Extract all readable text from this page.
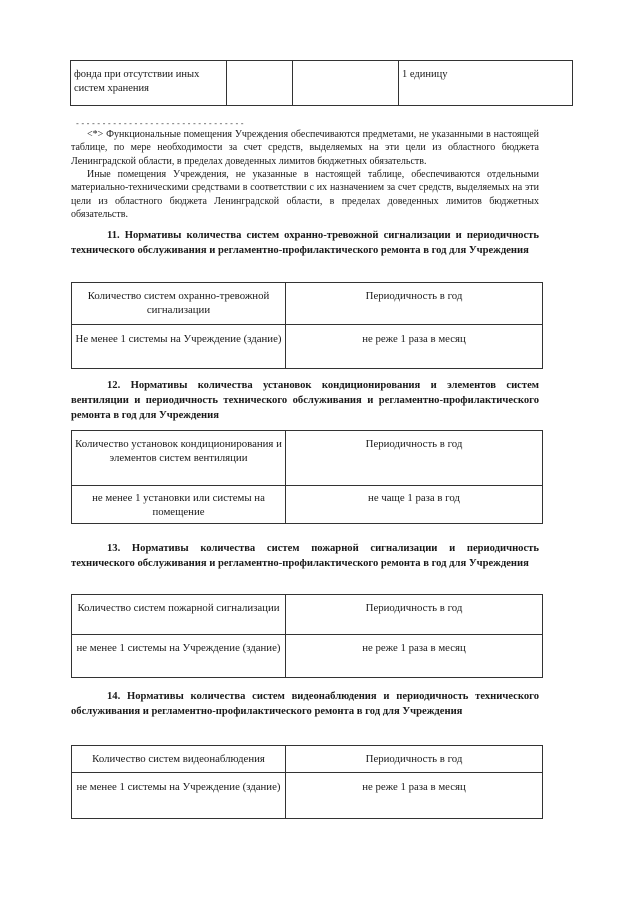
фонда при отсутствии иных систем хранения			1 единицу
--------------------------------
<*> Функциональные помещения Учреждения обеспечиваются предметами, не указанными в настоящей таблице, по мере необходимости за счет средств, выделяемых на эти цели из областного бюджета Ленинградской области, в пределах доведенных лимитов бюджетных обязательств.
Иные помещения Учреждения, не указанные в настоящей таблице, обеспечиваются отдельными материально-техническими средствами в соответствии с их назначением за счет средств, выделяемых на эти цели из областного бюджета Ленинградской области, в пределах доведенных лимитов бюджетных обязательств.
11. Нормативы количества систем охранно-тревожной сигнализации и периодичность технического обслуживания и регламентно-профилактического ремонта в год для Учреждения
Количество систем охранно-тревожной сигнализации	Периодичность в год
Не менее 1 системы на Учреждение (здание)	не реже 1 раза в месяц
12. Нормативы количества установок кондиционирования и элементов систем вентиляции и периодичность технического обслуживания и регламентно-профилактического ремонта в год для Учреждения
Количество установок кондиционирования и элементов систем вентиляции	Периодичность в год
не менее 1 установки или системы на помещение	не чаще 1 раза в год
13. Нормативы количества систем пожарной сигнализации и периодичность технического обслуживания и регламентно-профилактического ремонта в год для Учреждения
Количество систем пожарной сигнализации	Периодичность в год
не менее 1 системы на Учреждение (здание)	не реже 1 раза в месяц
14. Нормативы количества систем видеонаблюдения и периодичность технического обслуживания и регламентно-профилактического ремонта в год для Учреждения
Количество систем видеонаблюдения	Периодичность в год
не менее 1 системы на Учреждение (здание)	не реже 1 раза в месяц
